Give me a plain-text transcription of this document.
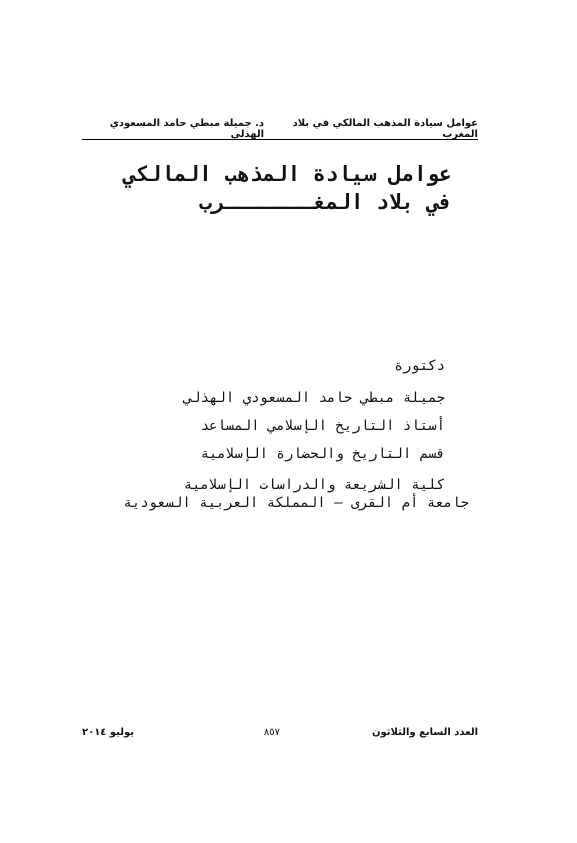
عوامل سيادة المذهب المالكي في بلاد المغرب
د. جميلة مبطي حامد المسعودي الهذلي
عوامل سيادة المذهب المالكي
في بلاد المغـــــــرب
دكتورة
جميلة مبطي حامد المسعودي الهذلي
أستاذ التاريخ الإسلامي المساعد
قسم التاريخ والحضارة الإسلامية
كلية الشريعة والدراسات الإسلامية
جامعة أم القرى – المملكة العربية السعودية
العدد السابع والثلاثون
٨٥٧
يوليو ٢٠١٤
